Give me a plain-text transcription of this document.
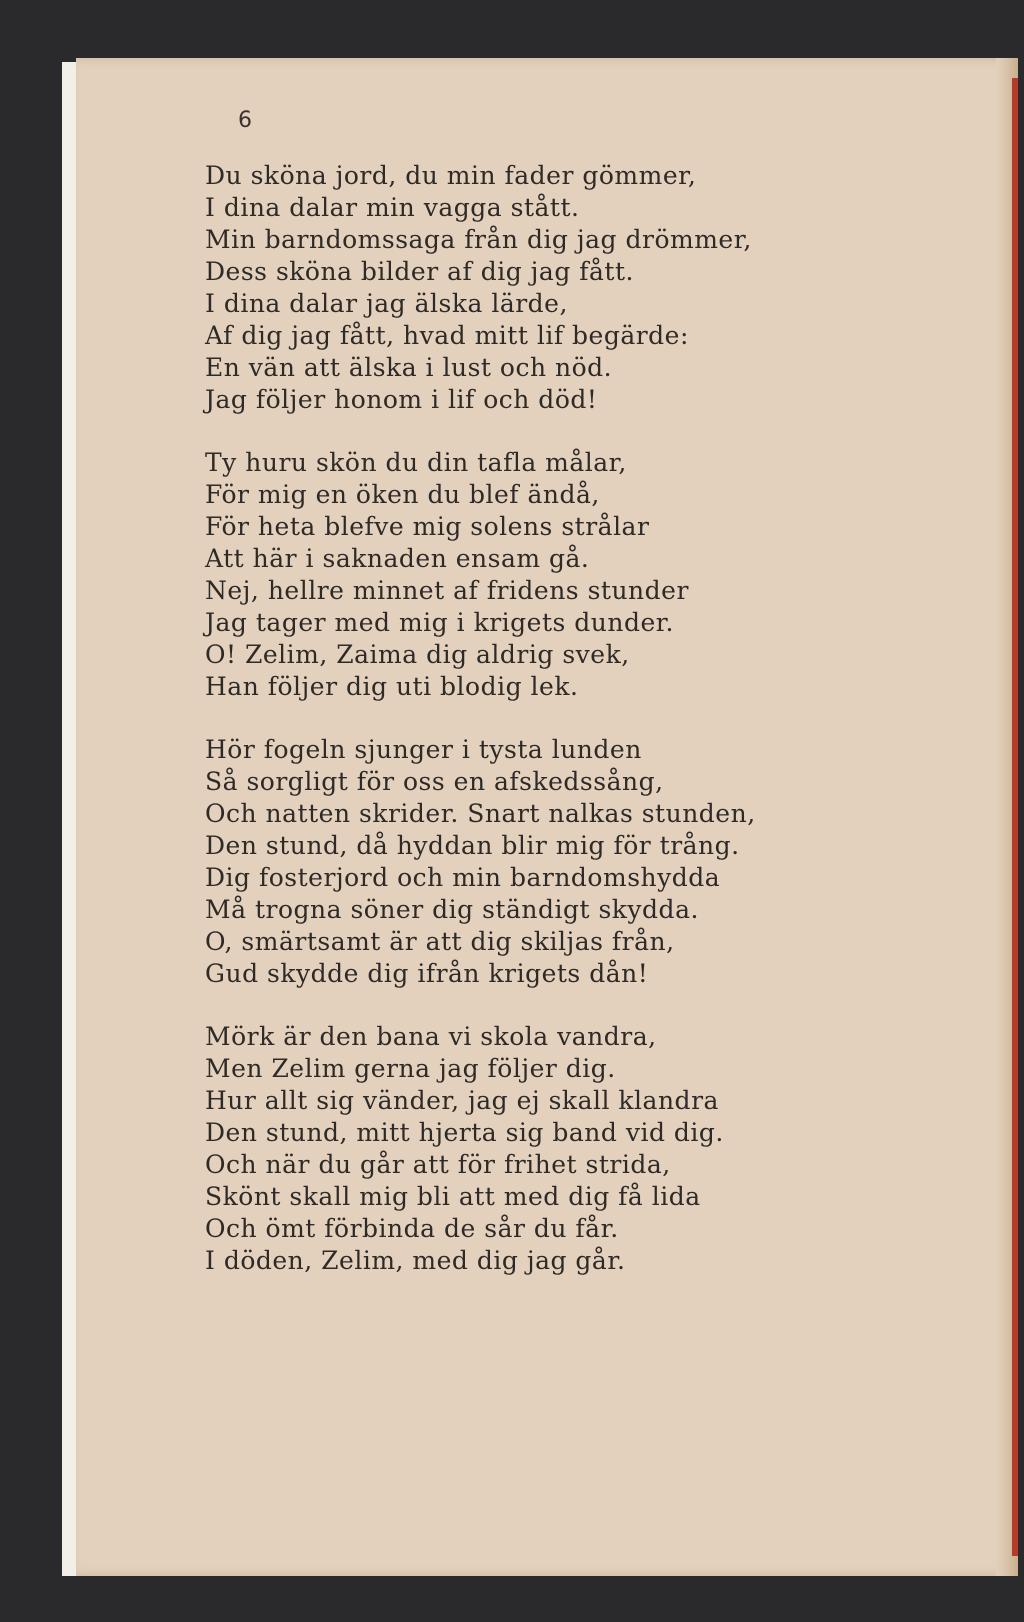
6
Du sköna jord, du min fader gömmer,
I dina dalar min vagga stått.
Min barndomssaga från dig jag drömmer,
Dess sköna bilder af dig jag fått.
I dina dalar jag älska lärde,
Af dig jag fått, hvad mitt lif begärde:
En vän att älska i lust och nöd.
Jag följer honom i lif och död!
Ty huru skön du din tafla målar,
För mig en öken du blef ändå,
För heta blefve mig solens strålar
Att här i saknaden ensam gå.
Nej, hellre minnet af fridens stunder
Jag tager med mig i krigets dunder.
O! Zelim, Zaima dig aldrig svek,
Han följer dig uti blodig lek.
Hör fogeln sjunger i tysta lunden
Så sorgligt för oss en afskedssång,
Och natten skrider. Snart nalkas stunden,
Den stund, då hyddan blir mig för trång.
Dig fosterjord och min barndomshydda
Må trogna söner dig ständigt skydda.
O, smärtsamt är att dig skiljas från,
Gud skydde dig ifrån krigets dån!
Mörk är den bana vi skola vandra,
Men Zelim gerna jag följer dig.
Hur allt sig vänder, jag ej skall klandra
Den stund, mitt hjerta sig band vid dig.
Och när du går att för frihet strida,
Skönt skall mig bli att med dig få lida
Och ömt förbinda de sår du får.
I döden, Zelim, med dig jag går.
